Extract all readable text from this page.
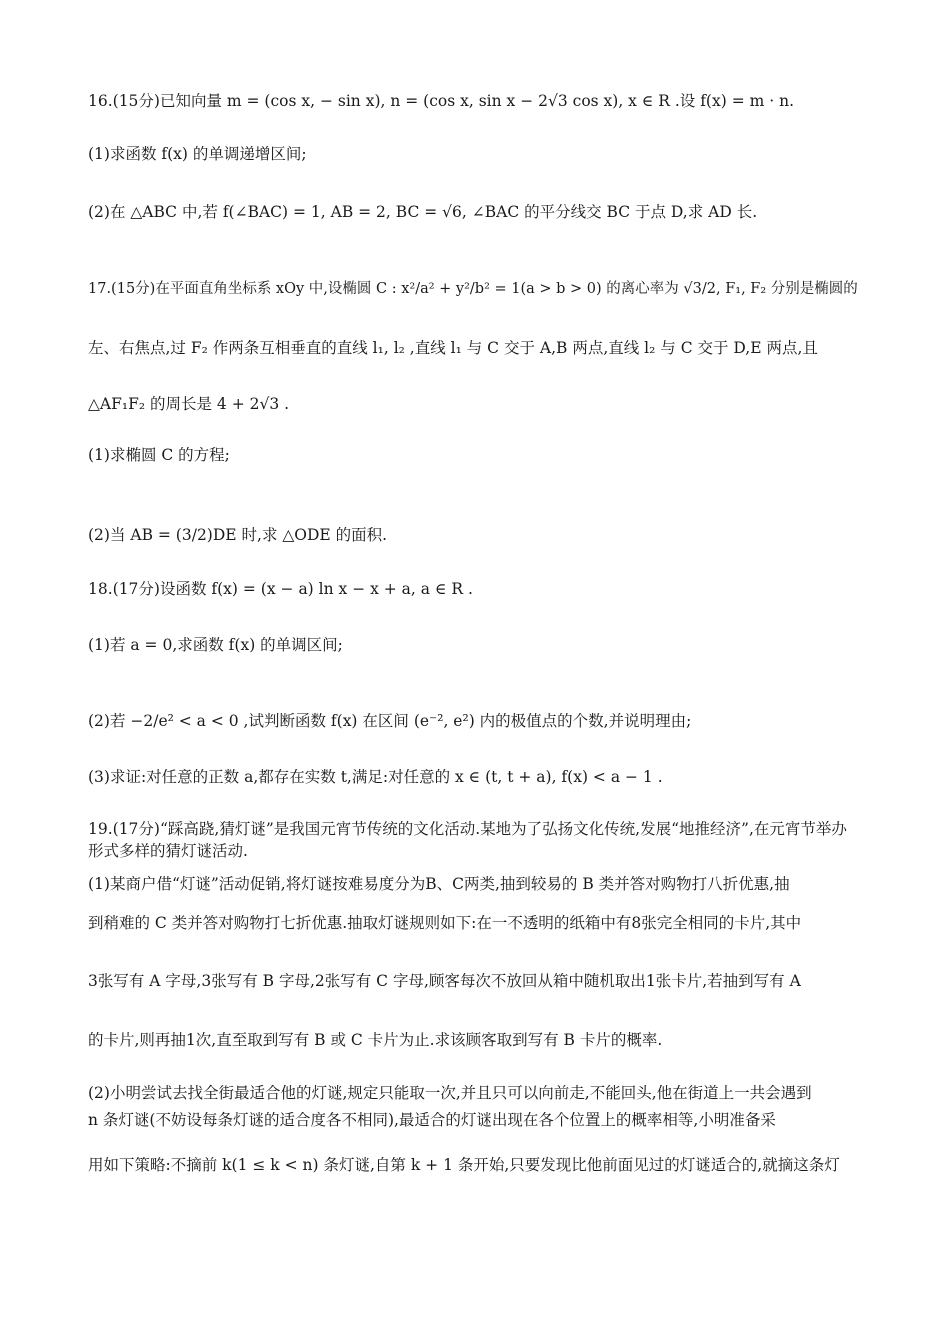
16.(15分)已知向量 m = (cos x, − sin x), n = (cos x, sin x − 2√3 cos x), x ∈ R .设 f(x) = m · n.
(1)求函数 f(x) 的单调递增区间;
(2)在 △ABC 中,若 f(∠BAC) = 1, AB = 2, BC = √6, ∠BAC 的平分线交 BC 于点 D,求 AD 长.
17.(15分)在平面直角坐标系 xOy 中,设椭圆 C : x²/a² + y²/b² = 1(a > b > 0) 的离心率为 √3/2, F₁, F₂ 分别是椭圆的
左、右焦点,过 F₂ 作两条互相垂直的直线 l₁, l₂ ,直线 l₁ 与 C 交于 A,B 两点,直线 l₂ 与 C 交于 D,E 两点,且
△AF₁F₂ 的周长是 4 + 2√3 .
(1)求椭圆 C 的方程;
(2)当 AB = (3/2)DE 时,求 △ODE 的面积.
18.(17分)设函数 f(x) = (x − a) ln x − x + a, a ∈ R .
(1)若 a = 0,求函数 f(x) 的单调区间;
(2)若 −2/e² < a < 0 ,试判断函数 f(x) 在区间 (e⁻², e²) 内的极值点的个数,并说明理由;
(3)求证:对任意的正数 a,都存在实数 t,满足:对任意的 x ∈ (t, t + a), f(x) < a − 1 .
19.(17分)“踩高跷,猜灯谜”是我国元宵节传统的文化活动.某地为了弘扬文化传统,发展“地推经济”,在元宵节举办形式多样的猜灯谜活动.
(1)某商户借“灯谜”活动促销,将灯谜按难易度分为B、C两类,抽到较易的 B 类并答对购物打八折优惠,抽
到稍难的 C 类并答对购物打七折优惠.抽取灯谜规则如下:在一不透明的纸箱中有8张完全相同的卡片,其中
3张写有 A 字母,3张写有 B 字母,2张写有 C 字母,顾客每次不放回从箱中随机取出1张卡片,若抽到写有 A
的卡片,则再抽1次,直至取到写有 B 或 C 卡片为止.求该顾客取到写有 B 卡片的概率.
(2)小明尝试去找全街最适合他的灯谜,规定只能取一次,并且只可以向前走,不能回头,他在街道上一共会遇到
n 条灯谜(不妨设每条灯谜的适合度各不相同),最适合的灯谜出现在各个位置上的概率相等,小明准备采
用如下策略:不摘前 k(1 ≤ k < n) 条灯谜,自第 k + 1 条开始,只要发现比他前面见过的灯谜适合的,就摘这条灯
